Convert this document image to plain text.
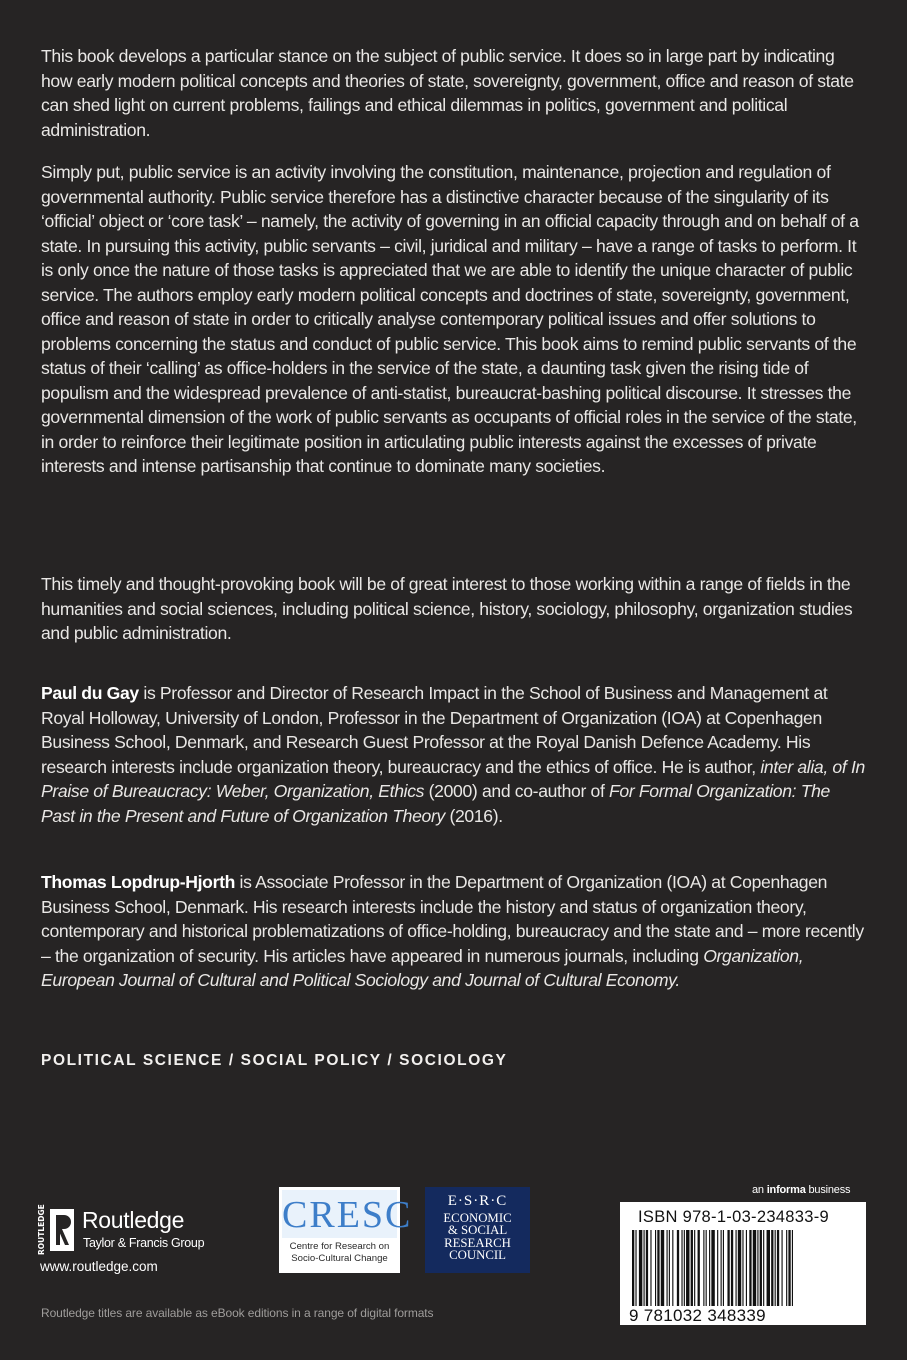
This book develops a particular stance on the subject of public service. It does so in large part by indicating how early modern political concepts and theories of state, sovereignty, government, office and reason of state can shed light on current problems, failings and ethical dilemmas in politics, government and political administration.

Simply put, public service is an activity involving the constitution, maintenance, projection and regulation of governmental authority. Public service therefore has a distinctive character because of the singularity of its ‘official’ object or ‘core task’ – namely, the activity of governing in an official capacity through and on behalf of a state. In pursuing this activity, public servants – civil, juridical and military – have a range of tasks to perform. It is only once the nature of those tasks is appreciated that we are able to identify the unique character of public service. The authors employ early modern political concepts and doctrines of state, sovereignty, government, office and reason of state in order to critically analyse contemporary political issues and offer solutions to problems concerning the status and conduct of public service. This book aims to remind public servants of the status of their ‘calling’ as office-holders in the service of the state, a daunting task given the rising tide of populism and the widespread prevalence of anti-statist, bureaucrat-bashing political discourse. It stresses the governmental dimension of the work of public servants as occupants of official roles in the service of the state, in order to reinforce their legitimate position in articulating public interests against the excesses of private interests and intense partisanship that continue to dominate many societies.

This timely and thought-provoking book will be of great interest to those working within a range of fields in the humanities and social sciences, including political science, history, sociology, philosophy, organization studies and public administration.

Paul du Gay is Professor and Director of Research Impact in the School of Business and Management at Royal Holloway, University of London, Professor in the Department of Organization (IOA) at Copenhagen Business School, Denmark, and Research Guest Professor at the Royal Danish Defence Academy. His research interests include organization theory, bureaucracy and the ethics of office. He is author, inter alia, of In Praise of Bureaucracy: Weber, Organization, Ethics (2000) and co-author of For Formal Organization: The Past in the Present and Future of Organization Theory (2016).

Thomas Lopdrup-Hjorth is Associate Professor in the Department of Organization (IOA) at Copenhagen Business School, Denmark. His research interests include the history and status of organization theory, contemporary and historical problematizations of office-holding, bureaucracy and the state and – more recently – the organization of security. His articles have appeared in numerous journals, including Organization, European Journal of Cultural and Political Sociology and Journal of Cultural Economy.

POLITICAL SCIENCE / SOCIAL POLICY / SOCIOLOGY
ROUTLEDGE Routledge
Taylor & Francis Group
www.routledge.com
CRESC
Centre for Research on
Socio-Cultural Change
E·S·R·C
ECONOMIC
& SOCIAL
RESEARCH
COUNCIL
an informa business
ISBN 978-1-03-234833-9
9 781032 348339
Routledge titles are available as eBook editions in a range of digital formats
